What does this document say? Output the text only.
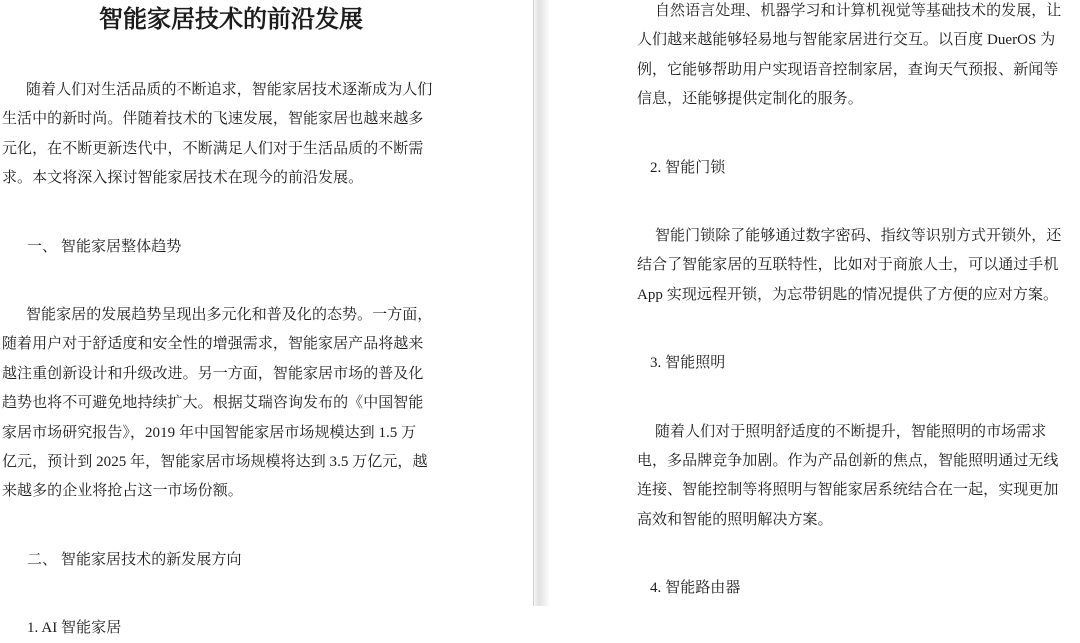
智能家居技术的前沿发展
随着人们对生活品质的不断追求，智能家居技术逐渐成为人们
生活中的新时尚。伴随着技术的飞速发展，智能家居也越来越多
元化，在不断更新迭代中，不断满足人们对于生活品质的不断需
求。本文将深入探讨智能家居技术在现今的前沿发展。
一、 智能家居整体趋势
智能家居的发展趋势呈现出多元化和普及化的态势。一方面，
随着用户对于舒适度和安全性的增强需求，智能家居产品将越来
越注重创新设计和升级改进。另一方面，智能家居市场的普及化
趋势也将不可避免地持续扩大。根据艾瑞咨询发布的《中国智能
家居市场研究报告》，2019 年中国智能家居市场规模达到 1.5 万
亿元，预计到 2025 年，智能家居市场规模将达到 3.5 万亿元，越
来越多的企业将抢占这一市场份额。
二、 智能家居技术的新发展方向
1. AI 智能家居
自然语言处理、机器学习和计算机视觉等基础技术的发展，让
人们越来越能够轻易地与智能家居进行交互。以百度 DuerOS 为
例，它能够帮助用户实现语音控制家居，查询天气预报、新闻等
信息，还能够提供定制化的服务。
2. 智能门锁
智能门锁除了能够通过数字密码、指纹等识别方式开锁外，还
结合了智能家居的互联特性，比如对于商旅人士，可以通过手机
App 实现远程开锁，为忘带钥匙的情况提供了方便的应对方案。
3. 智能照明
随着人们对于照明舒适度的不断提升，智能照明的市场需求
电，多品牌竞争加剧。作为产品创新的焦点，智能照明通过无线
连接、智能控制等将照明与智能家居系统结合在一起，实现更加
高效和智能的照明解决方案。
4. 智能路由器
